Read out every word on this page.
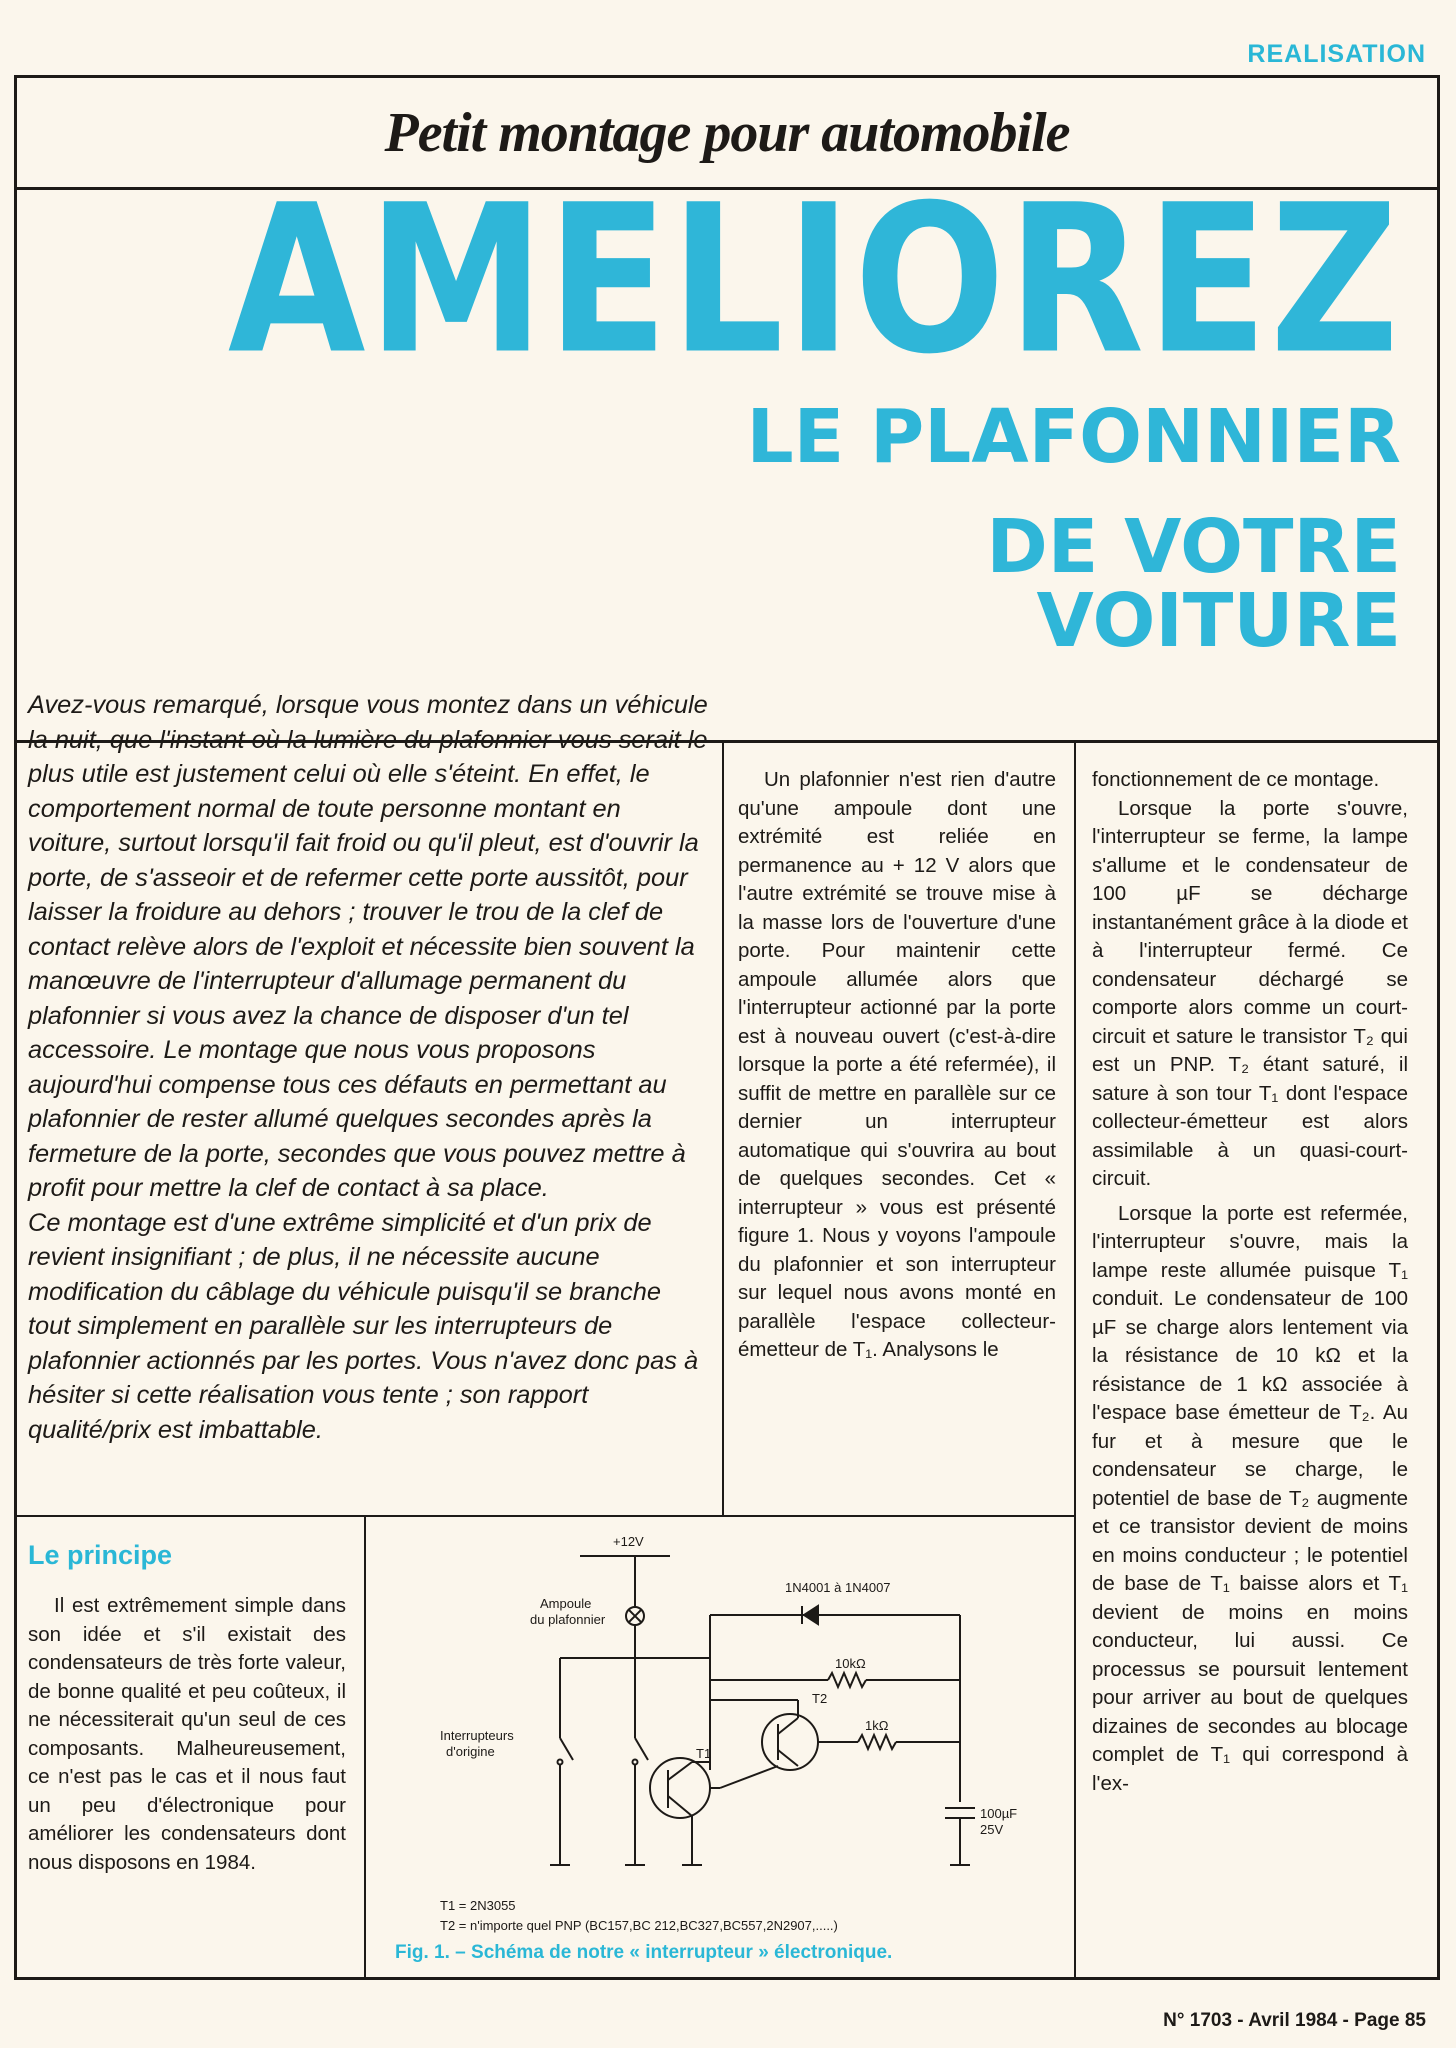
REALISATION
Petit montage pour automobile
AMELIOREZ
LE PLAFONNIER
DE VOTRE VOITURE

Avez-vous remarqué, lorsque vous montez dans un véhicule la nuit, que l'instant où la lumière du plafonnier vous serait le plus utile est justement celui où elle s'éteint. En effet, le comportement normal de toute personne montant en voiture, surtout lorsqu'il fait froid ou qu'il pleut, est d'ouvrir la porte, de s'asseoir et de refermer cette porte aussitôt, pour laisser la froidure au dehors ; trouver le trou de la clef de contact relève alors de l'exploit et nécessite bien souvent la manœuvre de l'interrupteur d'allumage permanent du plafonnier si vous avez la chance de disposer d'un tel accessoire. Le montage que nous vous proposons aujourd'hui compense tous ces défauts en permettant au plafonnier de rester allumé quelques secondes après la fermeture de la porte, secondes que vous pouvez mettre à profit pour mettre la clef de contact à sa place.

Ce montage est d'une extrême simplicité et d'un prix de revient insignifiant ; de plus, il ne nécessite aucune modification du câblage du véhicule puisqu'il se branche tout simplement en parallèle sur les interrupteurs de plafonnier actionnés par les portes. Vous n'avez donc pas à hésiter si cette réalisation vous tente ; son rapport qualité/prix est imbattable.

Un plafonnier n'est rien d'autre qu'une ampoule dont une extrémité est reliée en permanence au + 12 V alors que l'autre extrémité se trouve mise à la masse lors de l'ouverture d'une porte. Pour maintenir cette ampoule allumée alors que l'interrupteur actionné par la porte est à nouveau ouvert (c'est-à-dire lorsque la porte a été refermée), il suffit de mettre en parallèle sur ce dernier un interrupteur automatique qui s'ouvrira au bout de quelques secondes. Cet « interrupteur » vous est présenté figure 1. Nous y voyons l'ampoule du plafonnier et son interrupteur sur lequel nous avons monté en parallèle l'espace collecteur-émetteur de T₁. Analysons le

fonctionnement de ce montage.

Lorsque la porte s'ouvre, l'interrupteur se ferme, la lampe s'allume et le condensateur de 100 µF se décharge instantanément grâce à la diode et à l'interrupteur fermé. Ce condensateur déchargé se comporte alors comme un court-circuit et sature le transistor T₂ qui est un PNP. T₂ étant saturé, il sature à son tour T₁ dont l'espace collecteur-émetteur est alors assimilable à un quasi-court-circuit.

Lorsque la porte est refermée, l'interrupteur s'ouvre, mais la lampe reste allumée puisque T₁ conduit. Le condensateur de 100 µF se charge alors lentement via la résistance de 10 kΩ et la résistance de 1 kΩ associée à l'espace base émetteur de T₂. Au fur et à mesure que le condensateur se charge, le potentiel de base de T₂ augmente et ce transistor devient de moins en moins conducteur ; le potentiel de base de T₁ baisse alors et T₁ devient de moins en moins conducteur, lui aussi. Ce processus se poursuit lentement pour arriver au bout de quelques dizaines de secondes au blocage complet de T₁ qui correspond à l'ex-

Le principe

Il est extrêmement simple dans son idée et s'il existait des condensateurs de très forte valeur, de bonne qualité et peu coûteux, il ne nécessiterait qu'un seul de ces composants. Malheureusement, ce n'est pas le cas et il nous faut un peu d'électronique pour améliorer les condensateurs dont nous disposons en 1984.

+12V
Ampoule
du plafonnier
1N4001 à 1N4007
10kΩ
1kΩ
T2
T1
Interrupteurs
d'origine
100µF
25V
T1 = 2N3055
T2 = n'importe quel PNP (BC157,BC 212,BC327,BC557,2N2907,.....)
Fig. 1. – Schéma de notre « interrupteur » électronique.
N° 1703 - Avril 1984 - Page 85
